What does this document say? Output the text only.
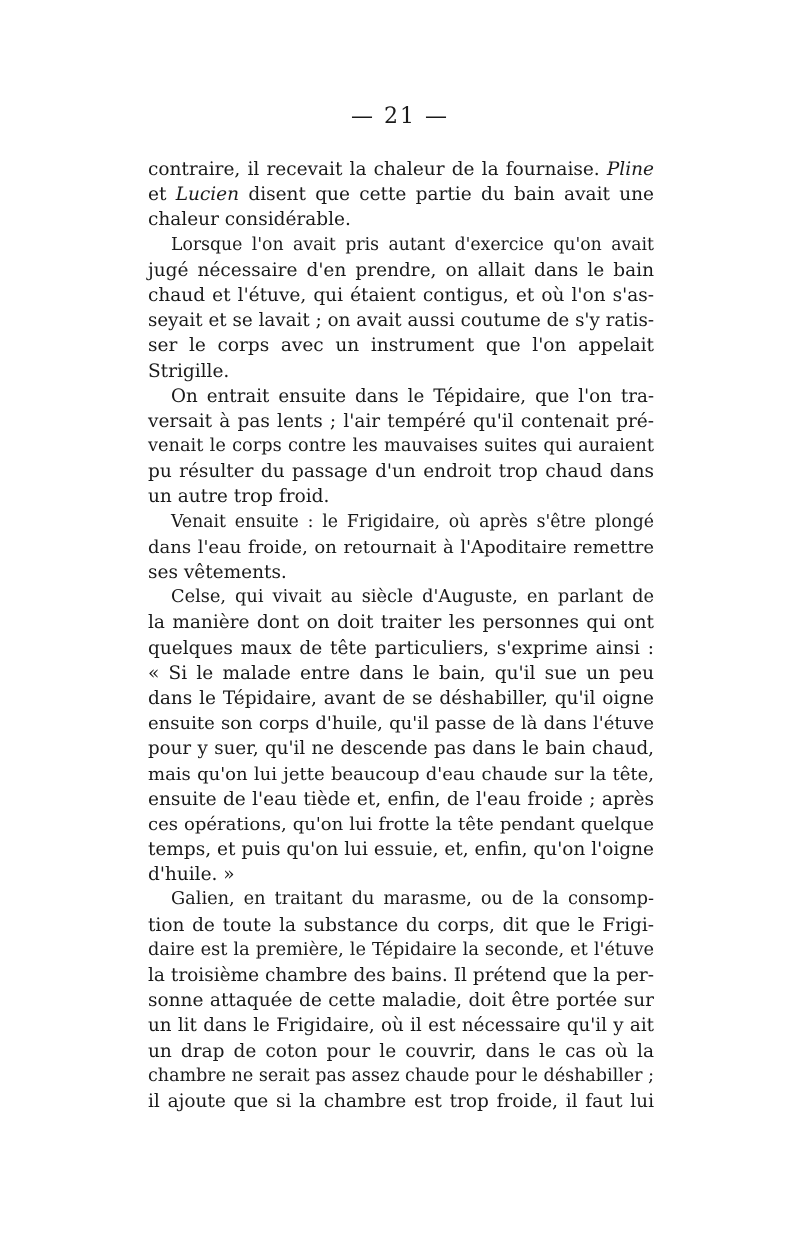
— 21 —
contraire, il recevait la chaleur de la fournaise. Pline
et Lucien disent que cette partie du bain avait une
chaleur considérable.
Lorsque l'on avait pris autant d'exercice qu'on avait
jugé nécessaire d'en prendre, on allait dans le bain
chaud et l'étuve, qui étaient contigus, et où l'on s'as-
seyait et se lavait ; on avait aussi coutume de s'y ratis-
ser le corps avec un instrument que l'on appelait
Strigille.
On entrait ensuite dans le Tépidaire, que l'on tra-
versait à pas lents ; l'air tempéré qu'il contenait pré-
venait le corps contre les mauvaises suites qui auraient
pu résulter du passage d'un endroit trop chaud dans
un autre trop froid.
Venait ensuite : le Frigidaire, où après s'être plongé
dans l'eau froide, on retournait à l'Apoditaire remettre
ses vêtements.
Celse, qui vivait au siècle d'Auguste, en parlant de
la manière dont on doit traiter les personnes qui ont
quelques maux de tête particuliers, s'exprime ainsi :
« Si le malade entre dans le bain, qu'il sue un peu
dans le Tépidaire, avant de se déshabiller, qu'il oigne
ensuite son corps d'huile, qu'il passe de là dans l'étuve
pour y suer, qu'il ne descende pas dans le bain chaud,
mais qu'on lui jette beaucoup d'eau chaude sur la tête,
ensuite de l'eau tiède et, enfin, de l'eau froide ; après
ces opérations, qu'on lui frotte la tête pendant quelque
temps, et puis qu'on lui essuie, et, enfin, qu'on l'oigne
d'huile. »
Galien, en traitant du marasme, ou de la consomp-
tion de toute la substance du corps, dit que le Frigi-
daire est la première, le Tépidaire la seconde, et l'étuve
la troisième chambre des bains. Il prétend que la per-
sonne attaquée de cette maladie, doit être portée sur
un lit dans le Frigidaire, où il est nécessaire qu'il y ait
un drap de coton pour le couvrir, dans le cas où la
chambre ne serait pas assez chaude pour le déshabiller ;
il ajoute que si la chambre est trop froide, il faut lui
